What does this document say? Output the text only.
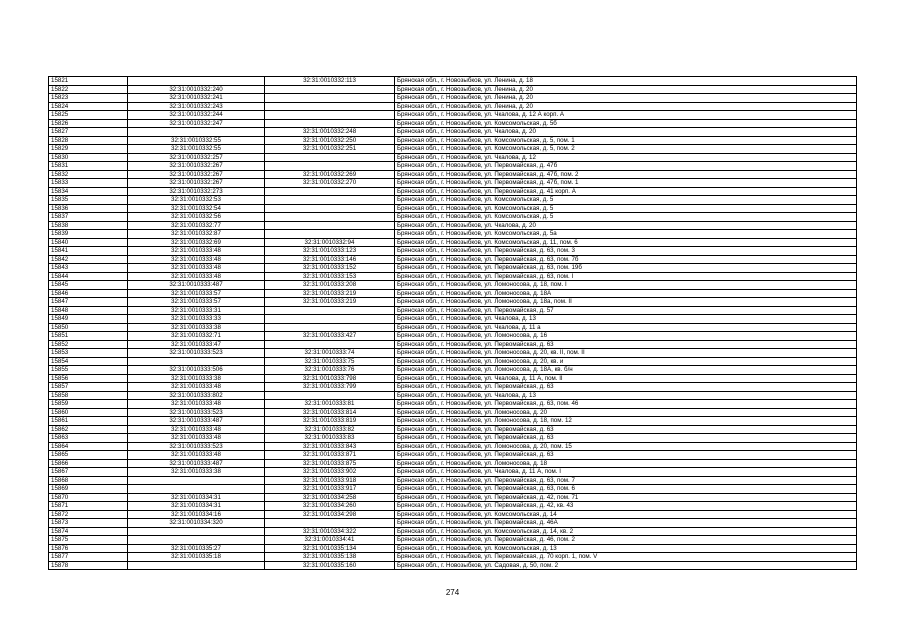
15821		32:31:0010332:113	Брянская обл., г. Новозыбков, ул. Ленина, д. 18
15822	32:31:0010332:240		Брянская обл., г. Новозыбков, ул. Ленина, д. 20
15823	32:31:0010332:241		Брянская обл., г. Новозыбков, ул. Ленина, д. 20
15824	32:31:0010332:243		Брянская обл., г. Новозыбков, ул. Ленина, д. 20
15825	32:31:0010332:244		Брянская обл., г. Новозыбков, ул. Чкалова, д. 12 А корп. А
15826	32:31:0010332:247		Брянская обл., г. Новозыбков, ул. Комсомольская, д. 5б
15827		32:31:0010332:248	Брянская обл., г. Новозыбков, ул. Чкалова, д. 20
15828	32:31:0010332:55	32:31:0010332:250	Брянская обл., г. Новозыбков, ул. Комсомольская, д. 5, пом. 1
15829	32:31:0010332:55	32:31:0010332:251	Брянская обл., г. Новозыбков, ул. Комсомольская, д. 5, пом. 2
15830	32:31:0010332:257		Брянская обл., г. Новозыбков, ул. Чкалова, д. 12
15831	32:31:0010332:267		Брянская обл., г. Новозыбков, ул. Первомайская, д. 47б
15832	32:31:0010332:267	32:31:0010332:269	Брянская обл., г. Новозыбков, ул. Первомайская, д. 47б, пом. 2
15833	32:31:0010332:267	32:31:0010332:270	Брянская обл., г. Новозыбков, ул. Первомайская, д. 47б, пом. 1
15834	32:31:0010332:273		Брянская обл., г. Новозыбков, ул. Первомайская, д. 41 корп. А
15835	32:31:0010332:53		Брянская обл., г. Новозыбков, ул. Комсомольская, д. 5
15836	32:31:0010332:54		Брянская обл., г. Новозыбков, ул. Комсомольская, д. 5
15837	32:31:0010332:56		Брянская обл., г. Новозыбков, ул. Комсомольская, д. 5
15838	32:31:0010332:77		Брянская обл., г. Новозыбков, ул. Чкалова, д. 20
15839	32:31:0010332:87		Брянская обл., г. Новозыбков, ул. Комсомольская, д. 5а
15840	32:31:0010332:69	32:31:0010332:94	Брянская обл., г. Новозыбков, ул. Комсомольская, д. 11, пом. 6
15841	32:31:0010333:48	32:31:0010333:123	Брянская обл., г. Новозыбков, ул. Первомайская, д. 63, пом. 3
15842	32:31:0010333:48	32:31:0010333:146	Брянская обл., г. Новозыбков, ул. Первомайская, д. 63, пом. 7б
15843	32:31:0010333:48	32:31:0010333:152	Брянская обл., г. Новозыбков, ул. Первомайская, д. 63, пом. 19б
15844	32:31:0010333:48	32:31:0010333:153	Брянская обл., г. Новозыбков, ул. Первомайская, д. 63, пом. I
15845	32:31:0010333:487	32:31:0010333:208	Брянская обл., г. Новозыбков, ул. Ломоносова, д. 18, пом. I
15846	32:31:0010333:57	32:31:0010333:219	Брянская обл., г. Новозыбков, ул. Ломоносова, д. 18А
15847	32:31:0010333:57	32:31:0010333:219	Брянская обл., г. Новозыбков, ул. Ломоносова, д. 18а, пом. II
15848	32:31:0010333:31		Брянская обл., г. Новозыбков, ул. Первомайская, д. 57
15849	32:31:0010333:33		Брянская обл., г. Новозыбков, ул. Чкалова, д. 13
15850	32:31:0010333:38		Брянская обл., г. Новозыбков, ул. Чкалова, д. 11 а
15851	32:31:0010332:71	32:31:0010333:427	Брянская обл., г. Новозыбков, ул. Ломоносова, д. 16
15852	32:31:0010333:47		Брянская обл., г. Новозыбков, ул. Первомайская, д. 63
15853	32:31:0010333:523	32:31:0010333:74	Брянская обл., г. Новозыбков, ул. Ломоносова, д. 20, кв. II, пом. II
15854		32:31:0010333:75	Брянская обл., г. Новозыбков, ул. Ломоносова, д. 20, кв. и
15855	32:31:0010333:506	32:31:0010333:76	Брянская обл., г. Новозыбков, ул. Ломоносова, д. 18А, кв. б/н
15856	32:31:0010333:38	32:31:0010333:798	Брянская обл., г. Новозыбков, ул. Чкалова, д. 11 А, пом. II
15857	32:31:0010333:48	32:31:0010333:799	Брянская обл., г. Новозыбков, ул. Первомайская, д. 63
15858	32:31:0010333:802		Брянская обл., г. Новозыбков, ул. Чкалова, д. 13
15859	32:31:0010333:48	32:31:0010333:81	Брянская обл., г. Новозыбков, ул. Первомайская, д. 63, пом. 46
15860	32:31:0010333:523	32:31:0010333:814	Брянская обл., г. Новозыбков, ул. Ломоносова, д. 20
15861	32:31:0010333:487	32:31:0010333:819	Брянская обл., г. Новозыбков, ул. Ломоносова, д. 18, пом. 12
15862	32:31:0010333:48	32:31:0010333:82	Брянская обл., г. Новозыбков, ул. Первомайская, д. 63
15863	32:31:0010333:48	32:31:0010333:83	Брянская обл., г. Новозыбков, ул. Первомайская, д. 63
15864	32:31:0010333:523	32:31:0010333:843	Брянская обл., г. Новозыбков, ул. Ломоносова, д. 20, пом. 15
15865	32:31:0010333:48	32:31:0010333:871	Брянская обл., г. Новозыбков, ул. Первомайская, д. 63
15866	32:31:0010333:487	32:31:0010333:875	Брянская обл., г. Новозыбков, ул. Ломоносова, д. 18
15867	32:31:0010333:38	32:31:0010333:902	Брянская обл., г. Новозыбков, ул. Чкалова, д. 11 А, пом. I
15868		32:31:0010333:918	Брянская обл., г. Новозыбков, ул. Первомайская, д. 63, пом. 7
15869		32:31:0010333:917	Брянская обл., г. Новозыбков, ул. Первомайская, д. 63, пом. 6
15870	32:31:0010334:31	32:31:0010334:258	Брянская обл., г. Новозыбков, ул. Первомайская, д. 42, пом. 71
15871	32:31:0010334:31	32:31:0010334:260	Брянская обл., г. Новозыбков, ул. Первомайская, д. 42, кв. 43
15872	32:31:0010334:16	32:31:0010334:298	Брянская обл., г. Новозыбков, ул. Комсомольская, д. 14
15873	32:31:0010334:320		Брянская обл., г. Новозыбков, ул. Первомайская, д. 46А
15874		32:31:0010334:322	Брянская обл., г. Новозыбков, ул. Комсомольская, д. 14, кв. 2
15875		32:31:0010334:41	Брянская обл., г. Новозыбков, ул. Первомайская, д. 46, пом. 2
15876	32:31:0010335:27	32:31:0010335:134	Брянская обл., г. Новозыбков, ул. Комсомольская, д. 13
15877	32:31:0010335:18	32:31:0010335:138	Брянская обл., г. Новозыбков, ул. Первомайская, д. 70 корп. 1, пом. V
15878		32:31:0010335:160	Брянская обл., г. Новозыбков, ул. Садовая, д. 50, пом. 2
274
